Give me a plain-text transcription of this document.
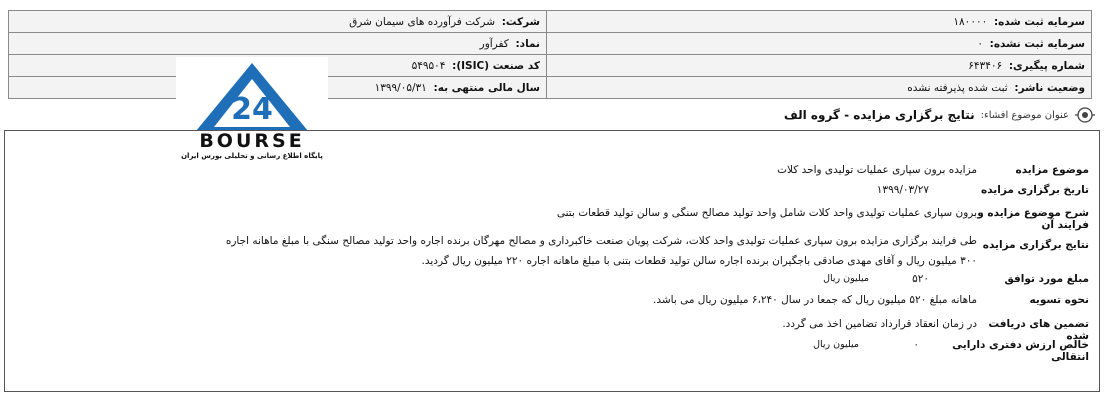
شرکت:  شرکت فرآورده های سیمان شرق	سرمایه ثبت شده:  ۱۸۰۰۰۰
نماد:  کفرآور	سرمایه ثبت نشده:  ۰
کد صنعت (ISIC):  ۵۴۹۵۰۴	شماره پیگیری:  ۶۴۳۴۰۶
سال مالی منتهی به:  ۱۳۹۹/۰۵/۳۱	وضعیت ناشر:  ثبت شده پذیرفته نشده
24
BOURSE
پایگاه اطلاع رسانی و تحلیلی بورس ایران
عنوان موضوع افشاء:
نتایج برگزاری مزایده - گروه الف
موضوع مزایده
مزایده برون سپاری عملیات تولیدی واحد کلات
تاریخ برگزاری مزایده
۱۳۹۹/۰۳/۲۷
شرح موضوع مزایده و فرایند آن
برون سپاری عملیات تولیدی واحد کلات شامل واحد تولید مصالح سنگی و سالن تولید قطعات بتنی
نتایج برگزاری مزایده
طی فرایند برگزاری مزایده برون سپاری عملیات تولیدی واحد کلات، شرکت پویان صنعت خاکبرداری و مصالح مهرگان برنده اجاره واحد تولید مصالح سنگی با مبلغ ماهانه اجاره ۳۰۰ میلیون ریال و آقای مهدی صادقی باجگیران برنده اجاره سالن تولید قطعات بتنی با مبلغ ماهانه اجاره ۲۲۰ میلیون ریال گردید.
مبلغ مورد توافق
۵۲۰
میلیون ریال
نحوه تسویه
ماهانه مبلغ ۵۲۰ میلیون ریال که جمعا در سال ۶،۲۴۰ میلیون ریال می باشد.
تضمین های دریافت شده
در زمان انعقاد قرارداد تضامین اخذ می گردد.
خالص ارزش دفتری دارایی انتقالی
۰
میلیون ریال
